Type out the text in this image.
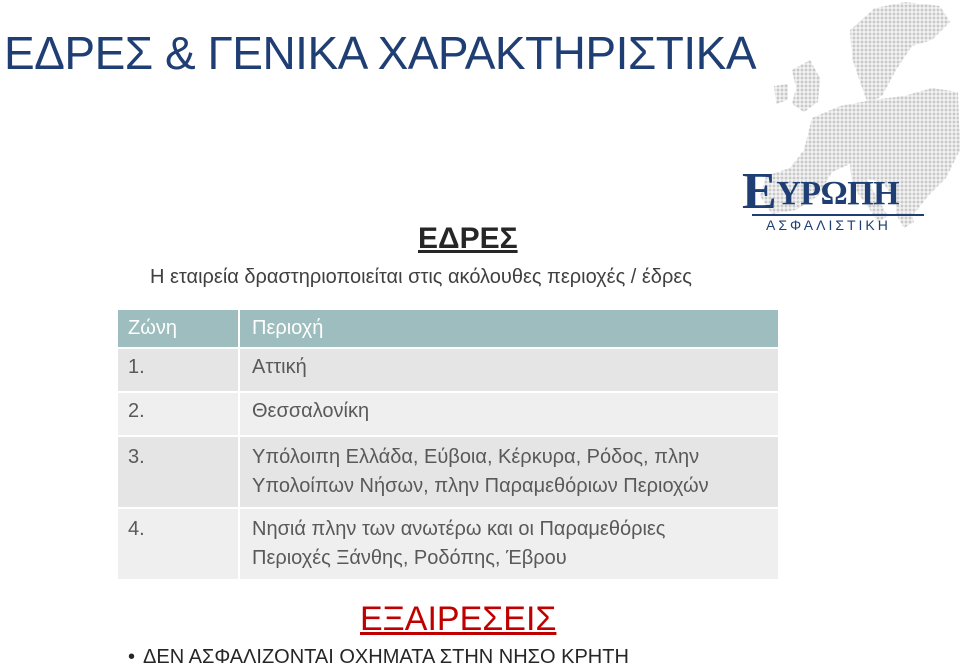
ΕΔΡΕΣ & ΓΕΝΙΚΑ ΧΑΡΑΚΤΗΡΙΣΤΙΚΑ
ΕΥΡΩΠΗ
ΑΣΦΑΛΙΣΤΙΚΗ
ΕΔΡΕΣ
Η εταιρεία δραστηριοποιείται στις ακόλουθες περιοχές / έδρες
Ζώνη	Περιοχή
1.	Αττική
2.	Θεσσαλονίκη
3.	Υπόλοιπη Ελλάδα, Εύβοια, Κέρκυρα, Ρόδος, πλην
Υπολοίπων Νήσων, πλην Παραμεθόριων Περιοχών

4.	Νησιά πλην των ανωτέρω και οι Παραμεθόριες
Περιοχές Ξάνθης, Ροδόπης, Έβρου
ΕΞΑΙΡΕΣΕΙΣ
• ΔΕΝ ΑΣΦΑΛΙΖΟΝΤΑΙ ΟΧΗΜΑΤΑ ΣΤΗΝ ΝΗΣΟ ΚΡΗΤΗ
